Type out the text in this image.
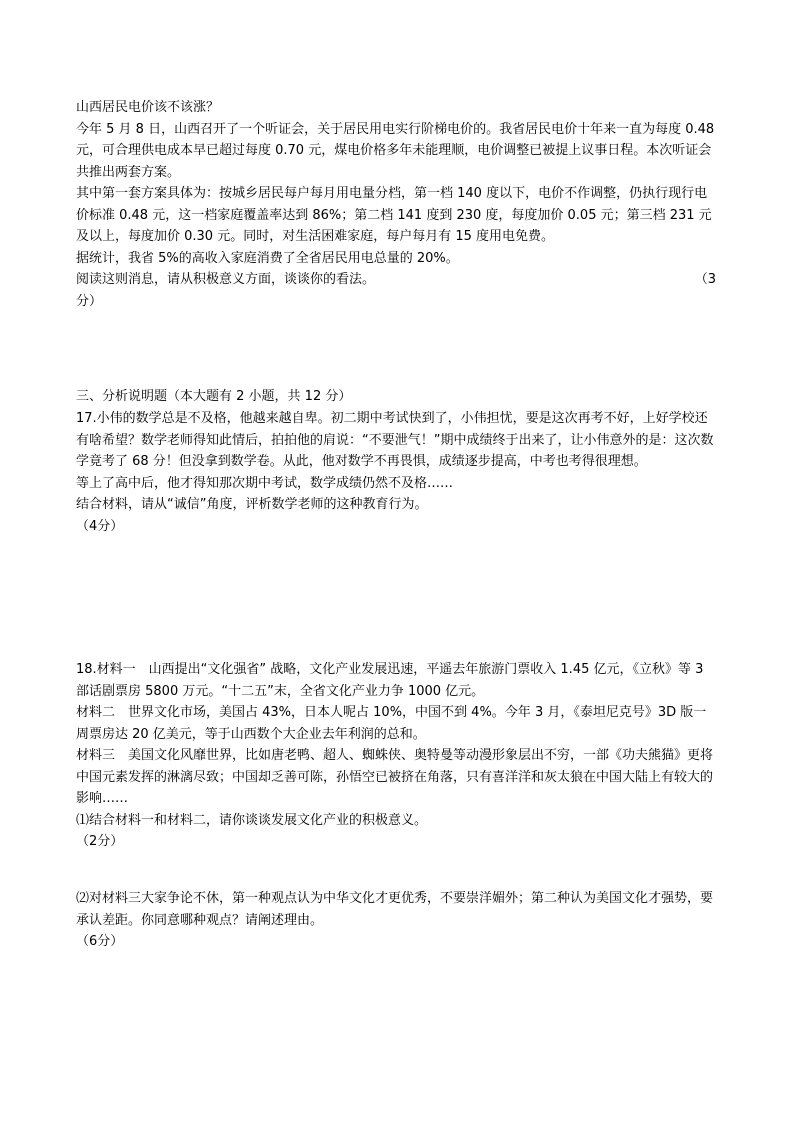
山西居民电价该不该涨？
今年 5 月 8 日，山西召开了一个听证会，关于居民用电实行阶梯电价的。我省居民电价十年来一直为每度 0.48 元，可合理供电成本早已超过每度 0.70 元，煤电价格多年未能理顺，电价调整已被提上议事日程。本次听证会共推出两套方案。
其中第一套方案具体为：按城乡居民每户每月用电量分档，第一档 140 度以下，电价不作调整，仍执行现行电价标准 0.48 元，这一档家庭覆盖率达到 86%；第二档 141 度到 230 度，每度加价 0.05 元；第三档 231 元及以上，每度加价 0.30 元。同时，对生活困难家庭，每户每月有 15 度用电免费。
据统计，我省 5%的高收入家庭消费了全省居民用电总量的 20%。
阅读这则消息，请从积极意义方面，谈谈你的看法。	（3
分）
三、分析说明题（本大题有 2 小题，共 12 分）
17.小伟的数学总是不及格，他越来越自卑。初二期中考试快到了，小伟担忧，要是这次再考不好，上好学校还有啥希望？数学老师得知此情后，拍拍他的肩说：“不要泄气！”期中成绩终于出来了，让小伟意外的是：这次数学竟考了 68 分！但没拿到数学卷。从此，他对数学不再畏惧，成绩逐步提高，中考也考得很理想。
等上了高中后，他才得知那次期中考试，数学成绩仍然不及格……
结合材料，请从“诚信”角度，评析数学老师的这种教育行为。
（4分）
18.材料一　山西提出“文化强省” 战略，文化产业发展迅速，平遥去年旅游门票收入 1.45 亿元，《立秋》等 3 部话剧票房 5800 万元。“十二五”末，全省文化产业力争 1000 亿元。
材料二　世界文化市场，美国占 43%，日本人呢占 10%，中国不到 4%。今年 3 月，《泰坦尼克号》3D 版一周票房达 20 亿美元，等于山西数个大企业去年利润的总和。
材料三　美国文化风靡世界，比如唐老鸭、超人、蜘蛛侠、奥特曼等动漫形象层出不穷，一部《功夫熊猫》更将中国元素发挥的淋漓尽致；中国却乏善可陈，孙悟空已被挤在角落，只有喜洋洋和灰太狼在中国大陆上有较大的影响……
⑴结合材料一和材料二，请你谈谈发展文化产业的积极意义。
（2分）
⑵对材料三大家争论不休，第一种观点认为中华文化才更优秀，不要崇洋媚外；第二种认为美国文化才强势，要承认差距。你同意哪种观点？请阐述理由。
（6分）
